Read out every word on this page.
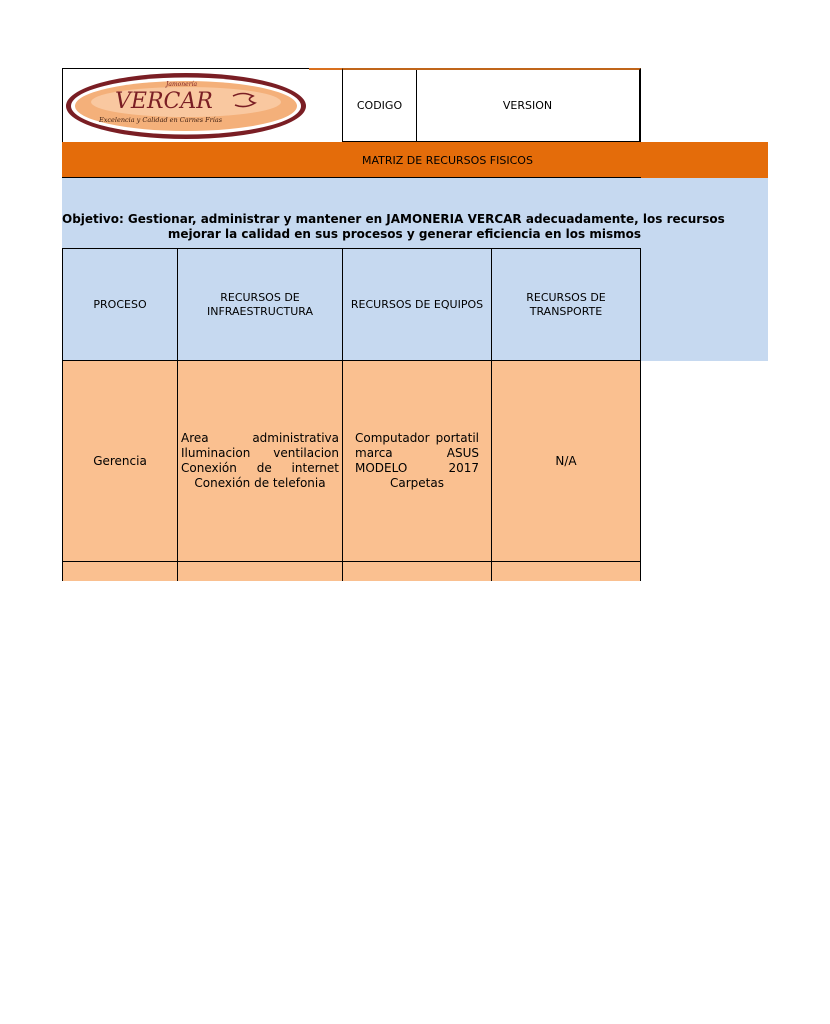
Jamonería
VERCAR
Excelencia y Calidad en Carnes Frías
CODIGO	VERSION
MATRIZ DE RECURSOS FISICOS
Objetivo: Gestionar, administrar y mantener en JAMONERIA VERCAR adecuadamente, los recursos
mejorar la calidad en sus procesos y generar eficiencia en los mismos
PROCESO
RECURSOS DE INFRAESTRUCTURA
RECURSOS DE EQUIPOS
RECURSOS DE TRANSPORTE
Gerencia
Area administrativa Iluminacion ventilacion Conexión de internet Conexión de telefonia
Computador portatil marca ASUS MODELO 2017 Carpetas
N/A
